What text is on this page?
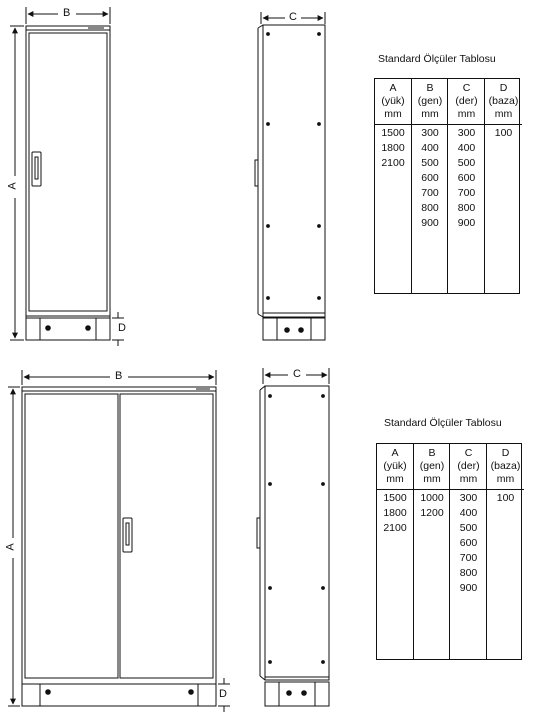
B
A
D
C
B
A
D
C
Standard Ölçüler Tablosu
A
(yük)
mm
1500
1800
2100
B
(gen)
mm
300
400
500
600
700
800
900
C
(der)
mm
300
400
500
600
700
800
900
D
(baza)
mm
100
Standard Ölçüler Tablosu
A
(yük)
mm
1500
1800
2100
B
(gen)
mm
1000
1200
C
(der)
mm
300
400
500
600
700
800
900
D
(baza)
mm
100
